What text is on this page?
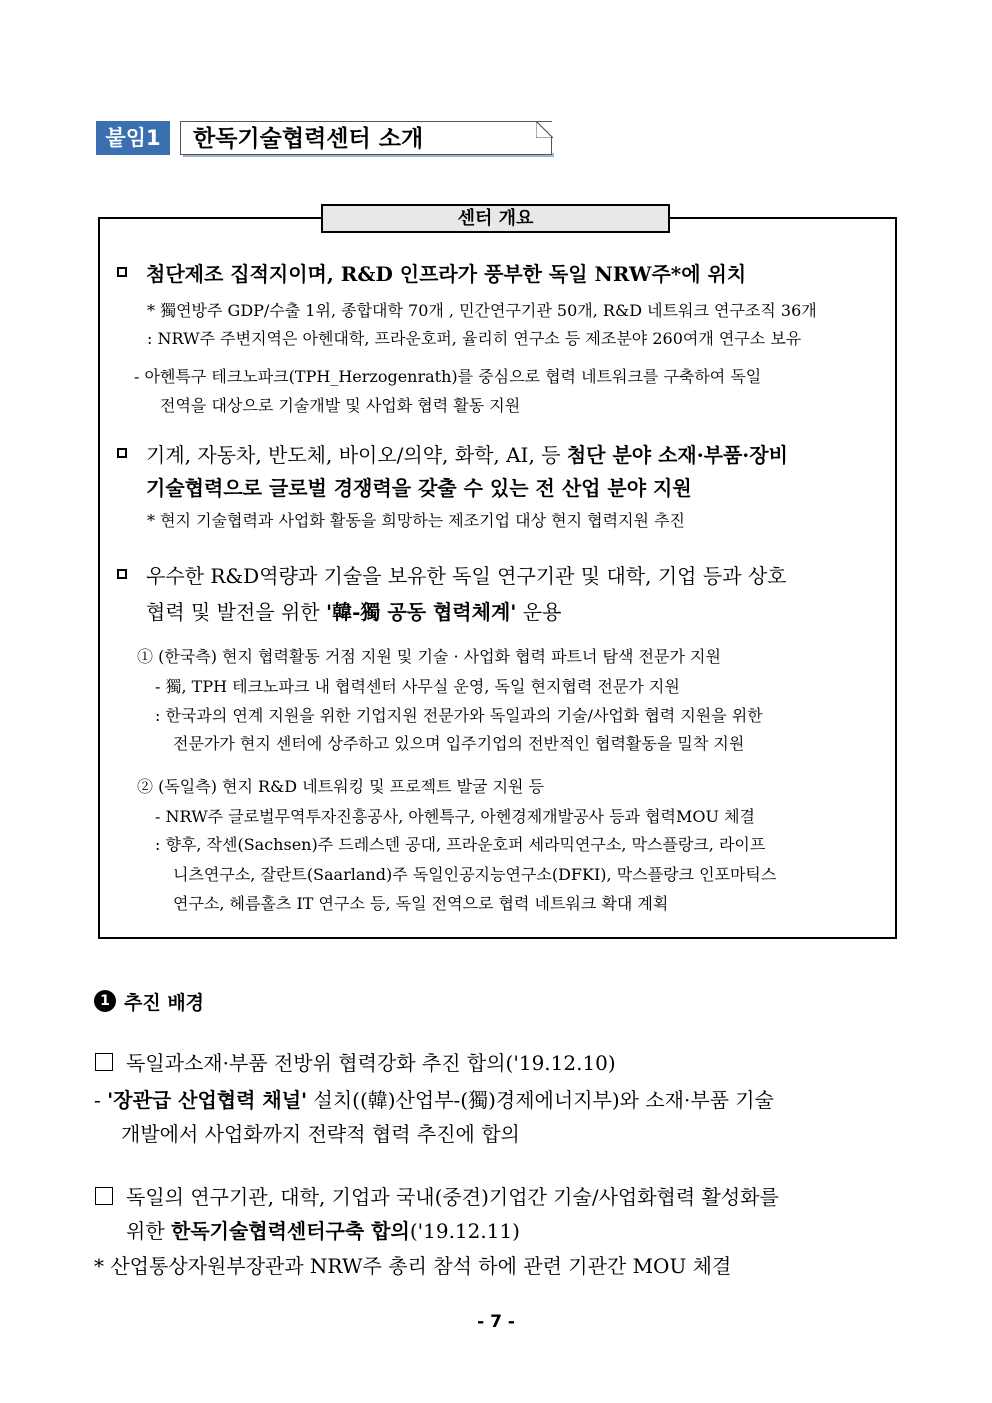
붙임1	한독기술협력센터 소개
센터 개요
첨단제조 집적지이며, R&D 인프라가 풍부한 독일 NRW주*에 위치
* 獨연방주 GDP/수출 1위, 종합대학 70개 , 민간연구기관 50개, R&D 네트워크 연구조직 36개
: NRW주 주변지역은 아헨대학, 프라운호퍼, 율리히 연구소 등 제조분야 260여개 연구소 보유
- 아헨특구 테크노파크(TPH_Herzogenrath)를 중심으로 협력 네트워크를 구축하여 독일
전역을 대상으로 기술개발 및 사업화 협력 활동 지원
기계, 자동차, 반도체, 바이오/의약, 화학, AI, 등 첨단 분야 소재·부품·장비
기술협력으로 글로벌 경쟁력을 갖출 수 있는 전 산업 분야 지원
* 현지 기술협력과 사업화 활동을 희망하는 제조기업 대상 현지 협력지원 추진
우수한 R&D역량과 기술을 보유한 독일 연구기관 및 대학, 기업 등과 상호
협력 및 발전을 위한 '韓-獨 공동 협력체계' 운용
① (한국측) 현지 협력활동 거점 지원 및 기술 · 사업화 협력 파트너 탐색 전문가 지원
- 獨, TPH 테크노파크 내 협력센터 사무실 운영, 독일 현지협력 전문가 지원
: 한국과의 연계 지원을 위한 기업지원 전문가와 독일과의 기술/사업화 협력 지원을 위한
전문가가 현지 센터에 상주하고 있으며 입주기업의 전반적인 협력활동을 밀착 지원
② (독일측) 현지 R&D 네트워킹 및 프로젝트 발굴 지원 등
- NRW주 글로벌무역투자진흥공사, 아헨특구, 아헨경제개발공사 등과 협력MOU 체결
: 향후, 작센(Sachsen)주 드레스덴 공대, 프라운호퍼 세라믹연구소, 막스플랑크, 라이프
니츠연구소, 잘란트(Saarland)주 독일인공지능연구소(DFKI), 막스플랑크 인포마틱스
연구소, 헤름홀츠 IT 연구소 등, 독일 전역으로 협력 네트워크 확대 계획
1 추진 배경
독일과소재·부품 전방위 협력강화 추진 합의('19.12.10)
- '장관급 산업협력 채널' 설치((韓)산업부-(獨)경제에너지부)와 소재·부품 기술
개발에서 사업화까지 전략적 협력 추진에 합의
독일의 연구기관, 대학, 기업과 국내(중견)기업간 기술/사업화협력 활성화를
위한 한독기술협력센터구축 합의('19.12.11)
* 산업통상자원부장관과 NRW주 총리 참석 하에 관련 기관간 MOU 체결
- 7 -
